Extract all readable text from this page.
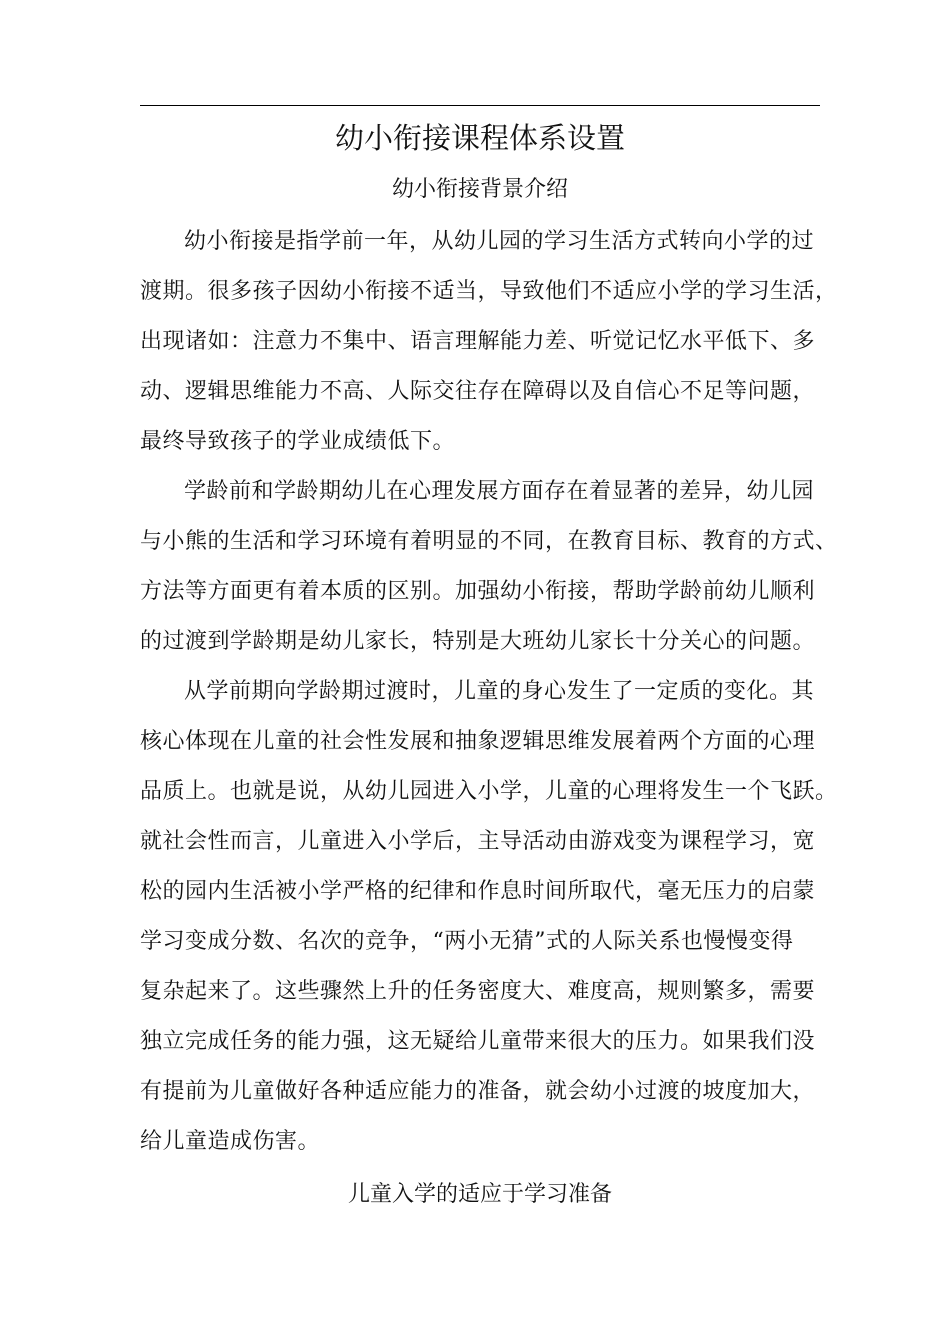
幼小衔接课程体系设置
幼小衔接背景介绍
幼小衔接是指学前一年，从幼儿园的学习生活方式转向小学的过
渡期。很多孩子因幼小衔接不适当，导致他们不适应小学的学习生活，
出现诸如：注意力不集中、语言理解能力差、听觉记忆水平低下、多
动、逻辑思维能力不高、人际交往存在障碍以及自信心不足等问题，
最终导致孩子的学业成绩低下。
学龄前和学龄期幼儿在心理发展方面存在着显著的差异，幼儿园
与小熊的生活和学习环境有着明显的不同，在教育目标、教育的方式、
方法等方面更有着本质的区别。加强幼小衔接，帮助学龄前幼儿顺利
的过渡到学龄期是幼儿家长，特别是大班幼儿家长十分关心的问题。
从学前期向学龄期过渡时，儿童的身心发生了一定质的变化。其
核心体现在儿童的社会性发展和抽象逻辑思维发展着两个方面的心理
品质上。也就是说，从幼儿园进入小学，儿童的心理将发生一个飞跃。
就社会性而言，儿童进入小学后，主导活动由游戏变为课程学习，宽
松的园内生活被小学严格的纪律和作息时间所取代，毫无压力的启蒙
学习变成分数、名次的竞争，“两小无猜”式的人际关系也慢慢变得
复杂起来了。这些骤然上升的任务密度大、难度高，规则繁多，需要
独立完成任务的能力强，这无疑给儿童带来很大的压力。如果我们没
有提前为儿童做好各种适应能力的准备，就会幼小过渡的坡度加大，
给儿童造成伤害。
儿童入学的适应于学习准备
